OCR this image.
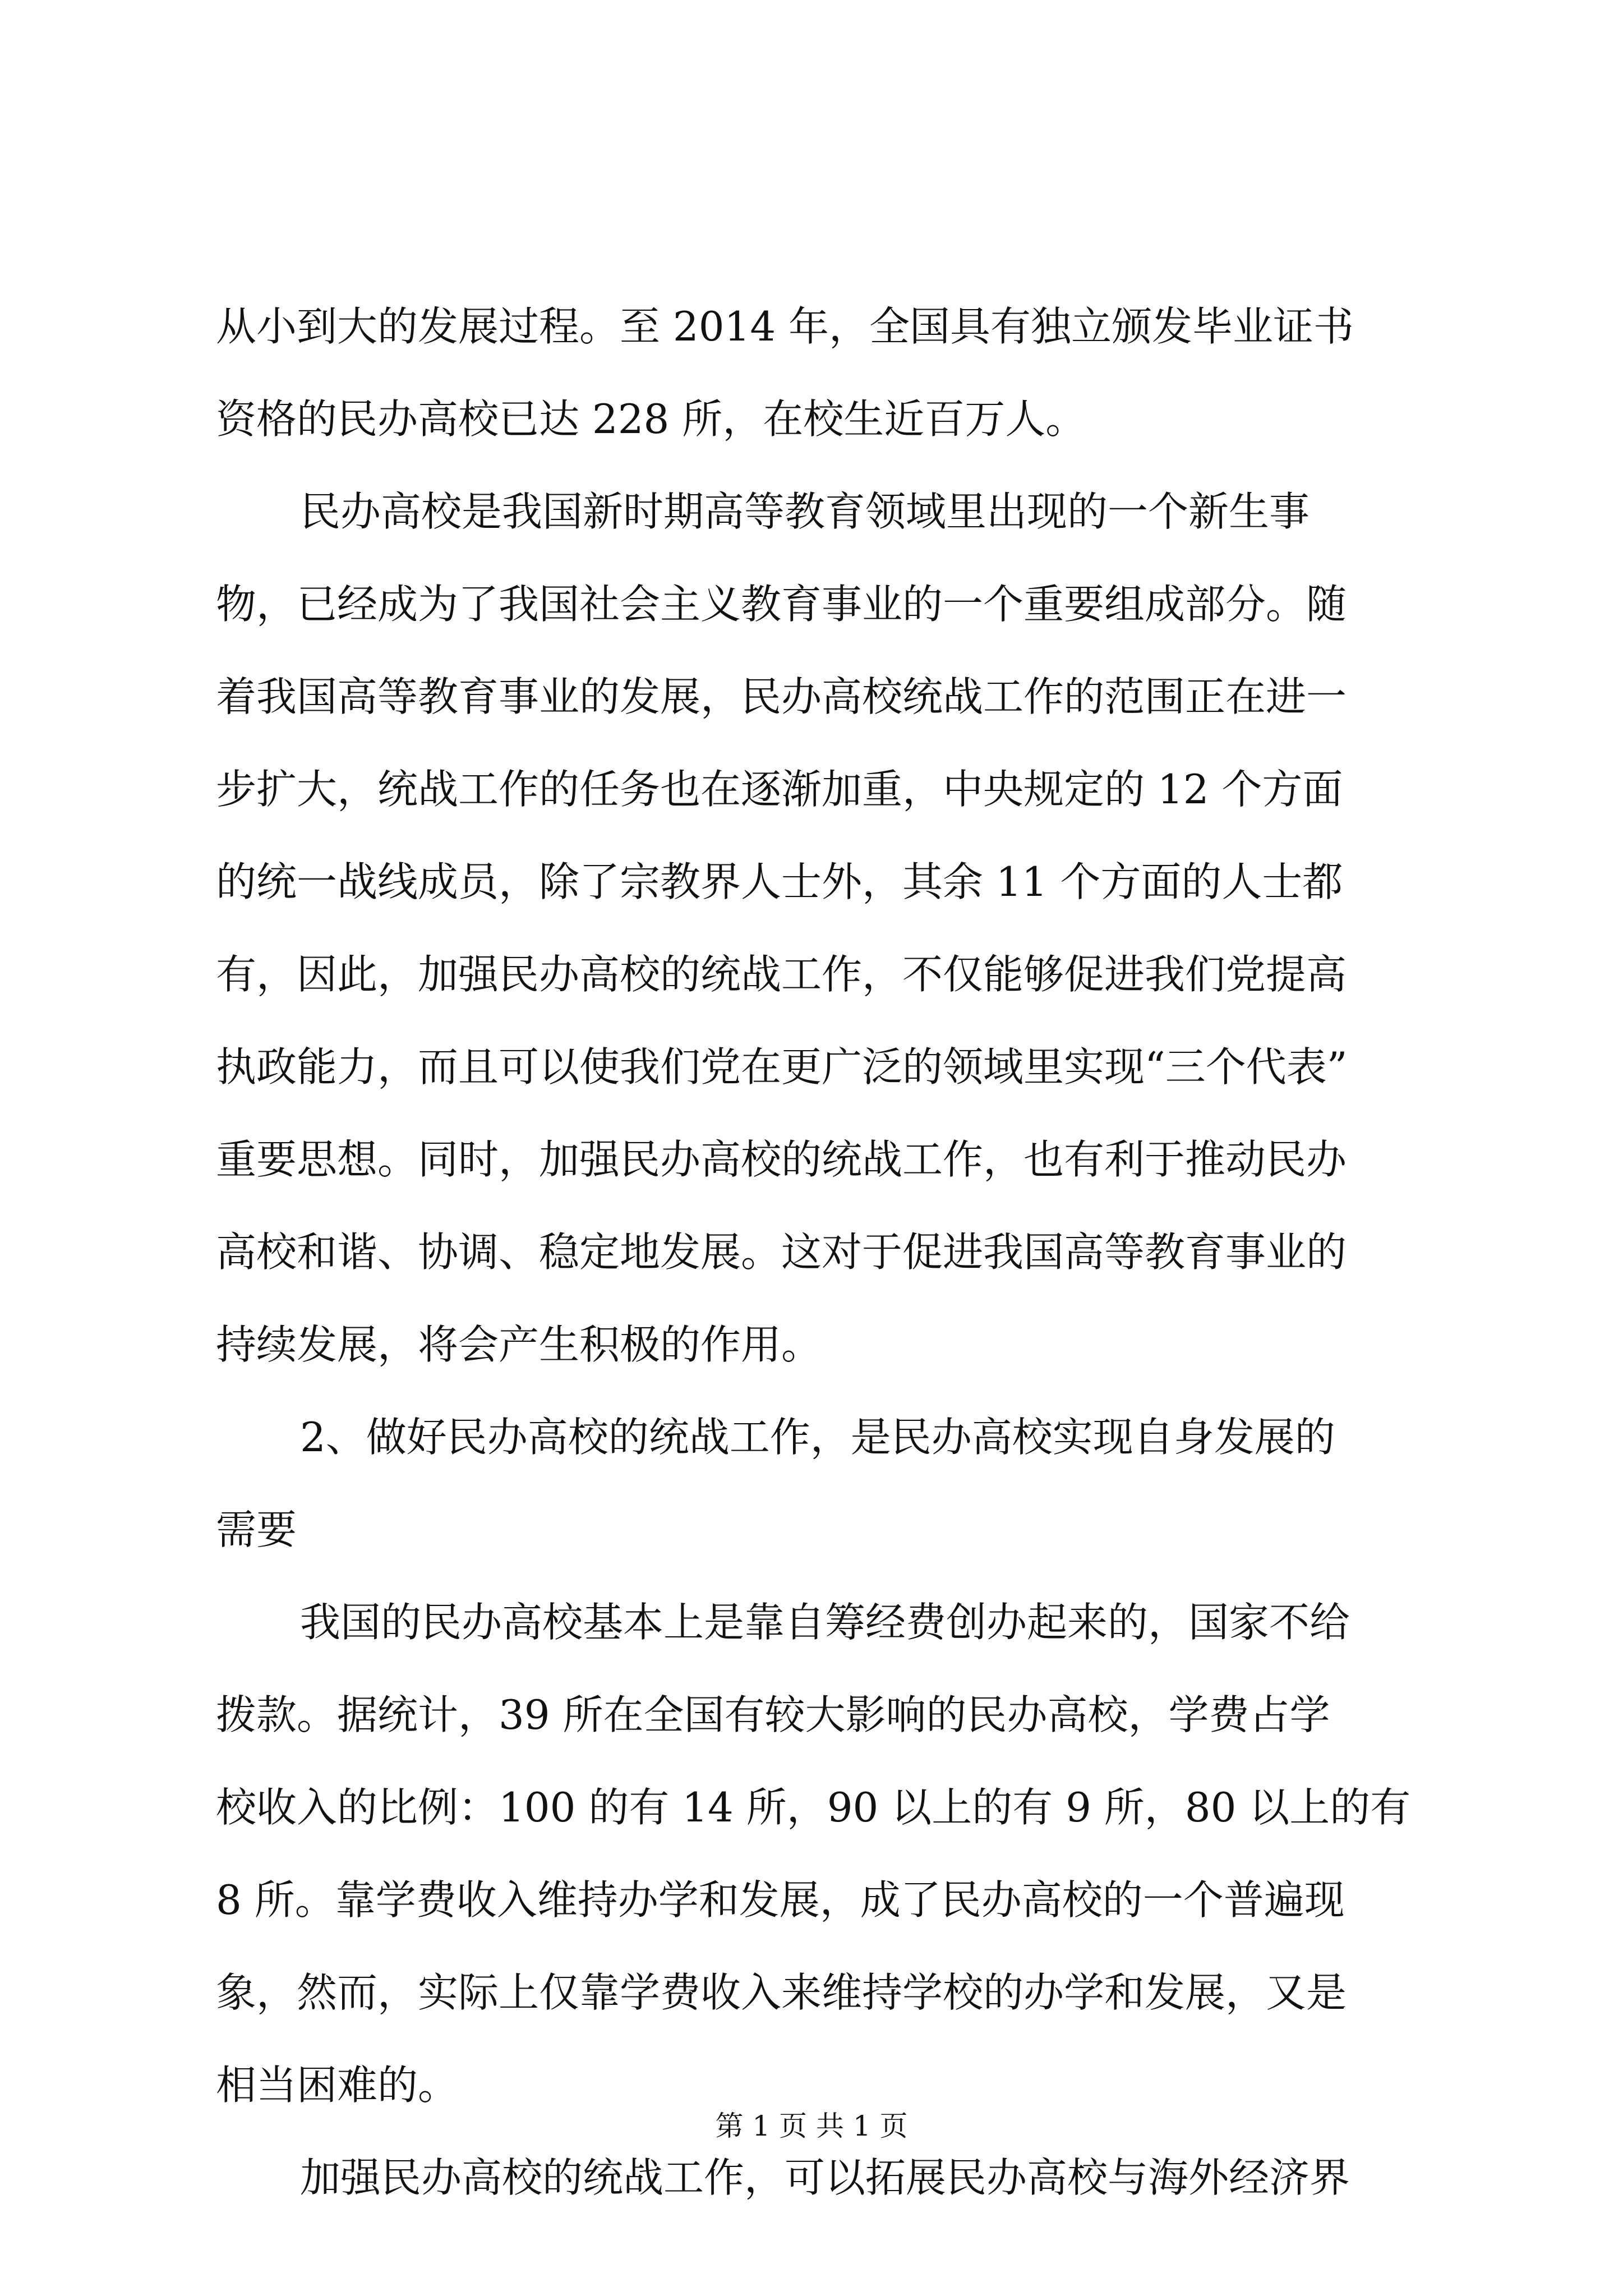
从小到大的发展过程。至 2014 年，全国具有独立颁发毕业证书
资格的民办高校已达 228 所，在校生近百万人。
民办高校是我国新时期高等教育领域里出现的一个新生事
物，已经成为了我国社会主义教育事业的一个重要组成部分。随
着我国高等教育事业的发展，民办高校统战工作的范围正在进一
步扩大，统战工作的任务也在逐渐加重，中央规定的 12 个方面
的统一战线成员，除了宗教界人士外，其余 11 个方面的人士都
有，因此，加强民办高校的统战工作，不仅能够促进我们党提高
执政能力，而且可以使我们党在更广泛的领域里实现“三个代表”
重要思想。同时，加强民办高校的统战工作，也有利于推动民办
高校和谐、协调、稳定地发展。这对于促进我国高等教育事业的
持续发展，将会产生积极的作用。
2、做好民办高校的统战工作，是民办高校实现自身发展的
需要
我国的民办高校基本上是靠自筹经费创办起来的，国家不给
拨款。据统计，39 所在全国有较大影响的民办高校，学费占学
校收入的比例：100 的有 14 所，90 以上的有 9 所，80 以上的有
8 所。靠学费收入维持办学和发展，成了民办高校的一个普遍现
象，然而，实际上仅靠学费收入来维持学校的办学和发展，又是
相当困难的。
加强民办高校的统战工作，可以拓展民办高校与海外经济界
第 1 页 共 1 页
